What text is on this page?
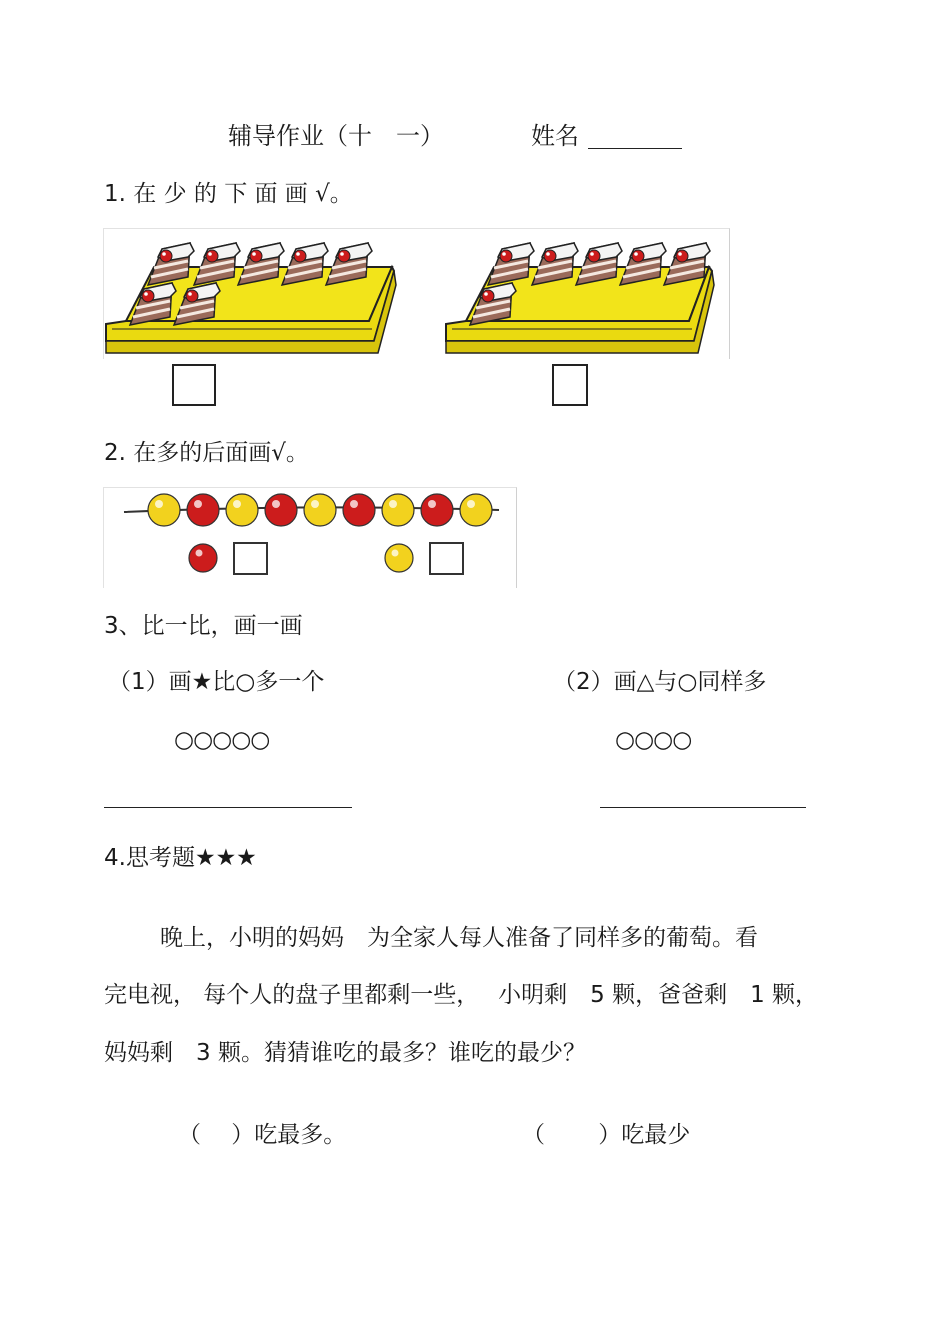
辅导作业（十　一）	姓名
1. 在 少 的 下 面 画 √。
2. 在多的后面画√。
3、比一比，画一画
（1）画★比○多一个	（2）画△与○同样多
○○○○○	○○○○
4.思考题★★★
晚上，小明的妈妈　为全家人每人准备了同样多的葡萄。看
完电视， 每个人的盘子里都剩一些，　 小明剩　5 颗，爸爸剩　1 颗，
妈妈剩　3 颗。猜猜谁吃的最多？谁吃的最少？
（　 ）吃最多。	（　　 ）吃最少
